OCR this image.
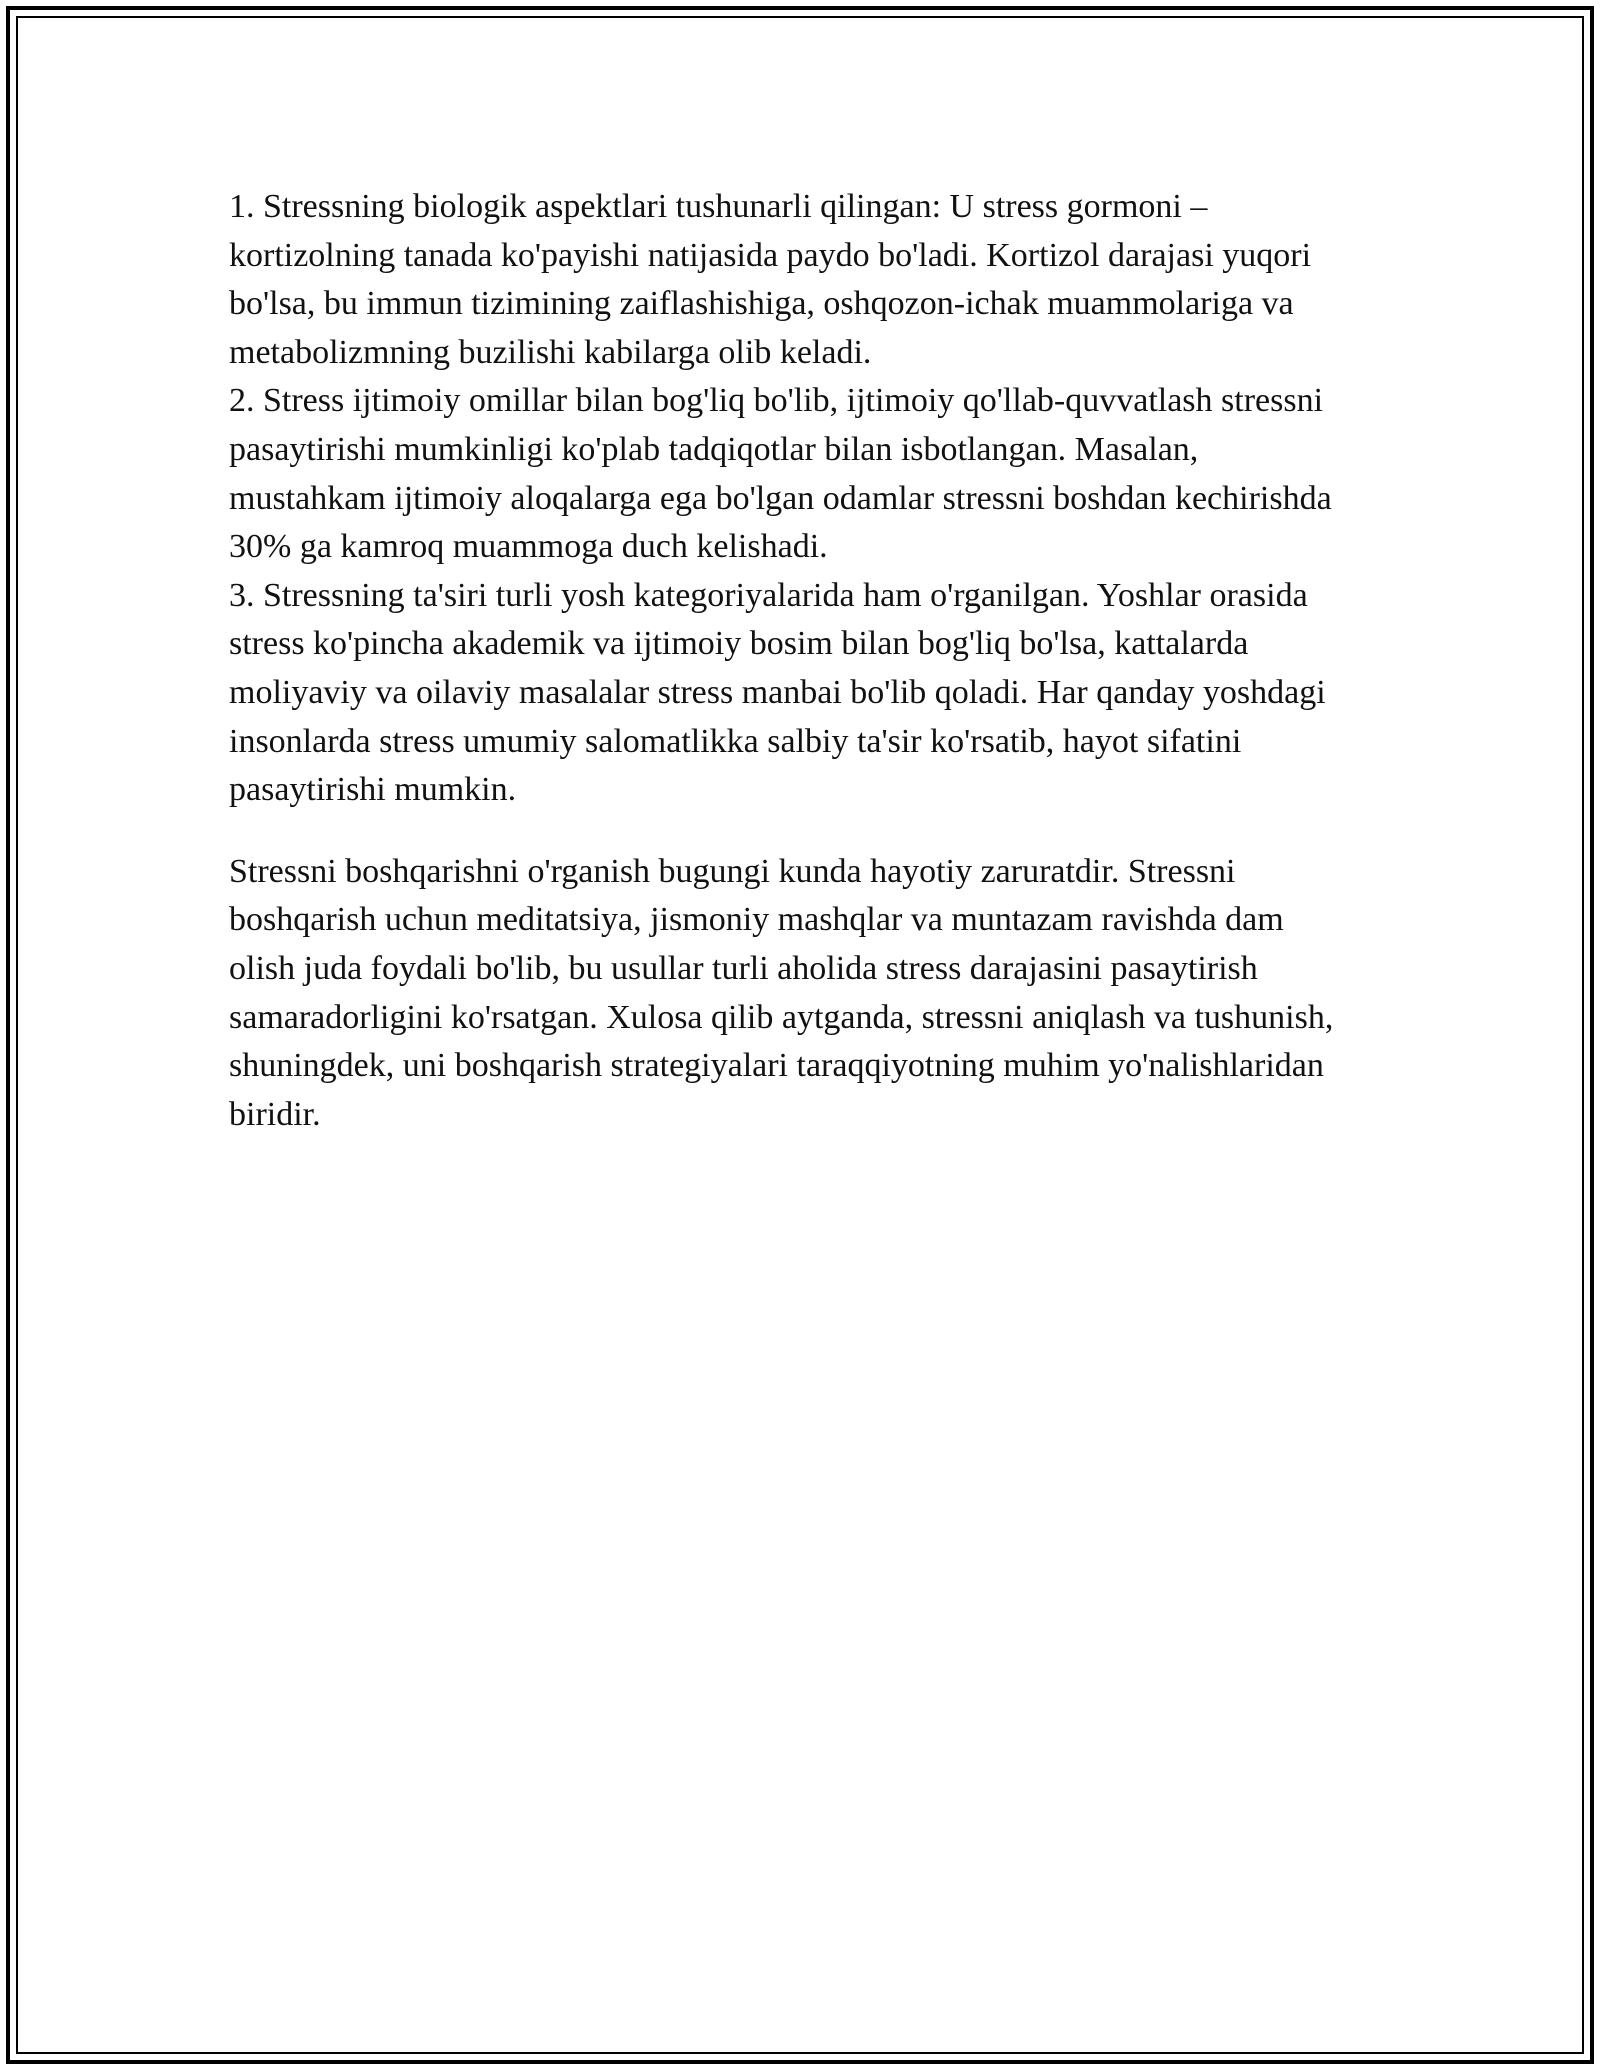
1. Stressning biologik aspektlari tushunarli qilingan: U stress gormoni – kortizolning tanada ko'payishi natijasida paydo bo'ladi. Kortizol darajasi yuqori bo'lsa, bu immun tizimining zaiflashishiga, oshqozon-ichak muammolariga va metabolizmning buzilishi kabilarga olib keladi.

2. Stress ijtimoiy omillar bilan bog'liq bo'lib, ijtimoiy qo'llab-quvvatlash stressni pasaytirishi mumkinligi ko'plab tadqiqotlar bilan isbotlangan. Masalan, mustahkam ijtimoiy aloqalarga ega bo'lgan odamlar stressni boshdan kechirishda 30% ga kamroq muammoga duch kelishadi.

3. Stressning ta'siri turli yosh kategoriyalarida ham o'rganilgan. Yoshlar orasida stress ko'pincha akademik va ijtimoiy bosim bilan bog'liq bo'lsa, kattalarda moliyaviy va oilaviy masalalar stress manbai bo'lib qoladi. Har qanday yoshdagi insonlarda stress umumiy salomatlikka salbiy ta'sir ko'rsatib, hayot sifatini pasaytirishi mumkin.

Stressni boshqarishni o'rganish bugungi kunda hayotiy zaruratdir. Stressni boshqarish uchun meditatsiya, jismoniy mashqlar va muntazam ravishda dam olish juda foydali bo'lib, bu usullar turli aholida stress darajasini pasaytirish samaradorligini ko'rsatgan. Xulosa qilib aytganda, stressni aniqlash va tushunish, shuningdek, uni boshqarish strategiyalari taraqqiyotning muhim yo'nalishlaridan biridir.
